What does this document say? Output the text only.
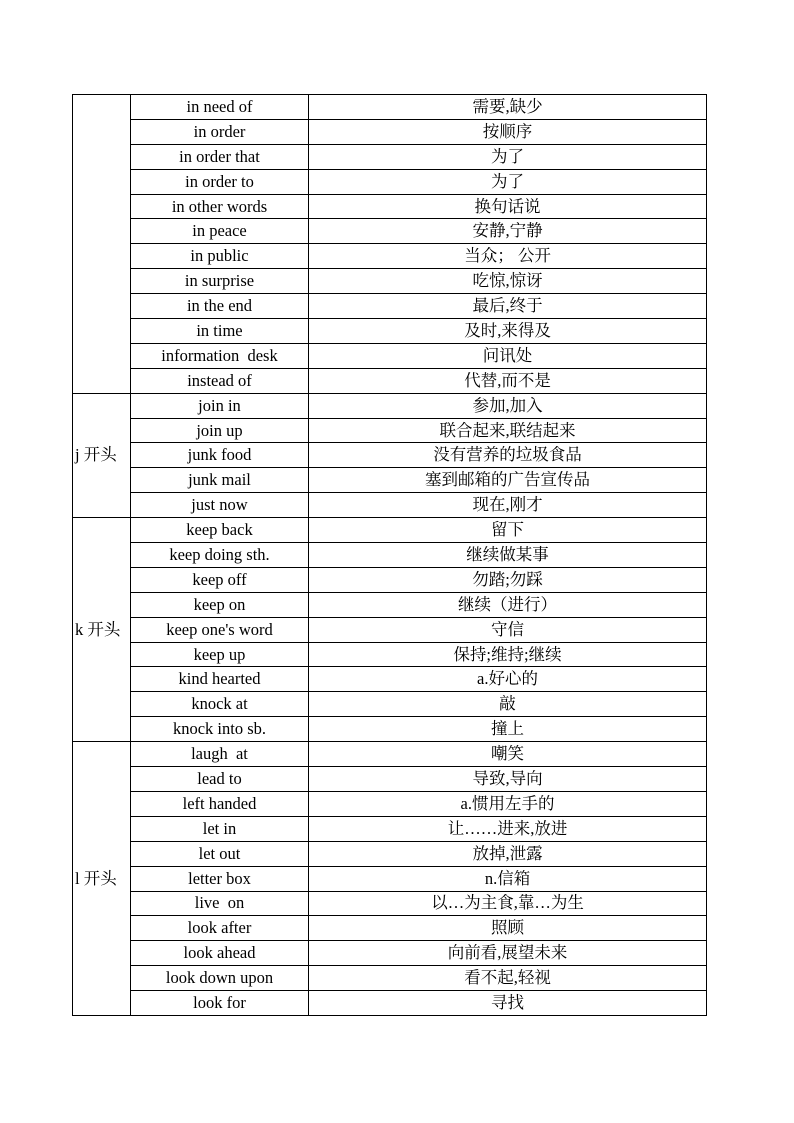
	in need of	需要,缺少
	in order	按顺序
	in order that	为了
	in order to	为了
	in other words	换句话说
	in peace	安静,宁静
	in public	当众； 公开
	in surprise	吃惊,惊讶
	in the end	最后,终于
	in time	及时,来得及
	information  desk	问讯处
	instead of	代替,而不是
j 开头	join in	参加,加入
	join up	联合起来,联结起来
	junk food	没有营养的垃圾食品
	junk mail	塞到邮箱的广告宣传品
	just now	现在,刚才
k 开头	keep back	留下
	keep doing sth.	继续做某事
	keep off	勿踏;勿踩
	keep on	继续（进行）
	keep one's word	守信
	keep up	保持;维持;继续
	kind hearted	a.好心的
	knock at	敲
	knock into sb.	撞上
l 开头	laugh  at	嘲笑
	lead to	导致,导向
	left handed	a.惯用左手的
	let in	让……进来,放进
	let out	放掉,泄露
	letter box	n.信箱
	live  on	以…为主食,靠…为生
	look after	照顾
	look ahead	向前看,展望未来
	look down upon	看不起,轻视
	look for	寻找
